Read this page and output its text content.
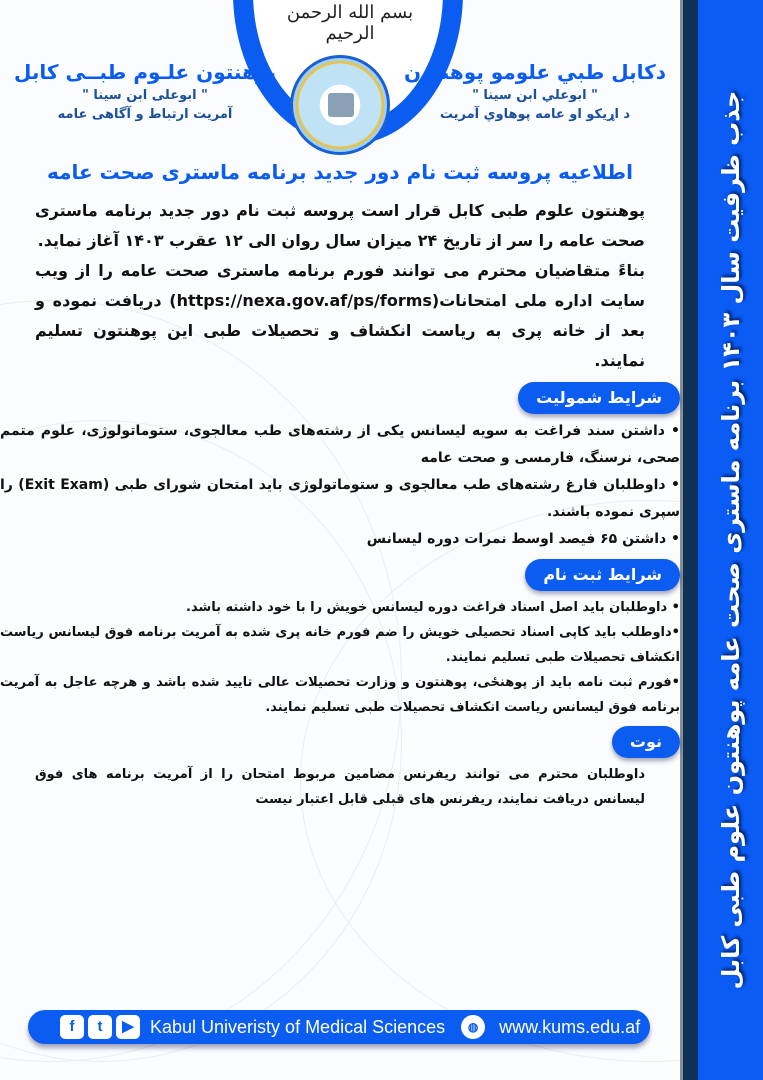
بسم الله الرحمن الرحیم
دکابل طبي علومو پوهنتون
" ابوعلي ابن سينا "
د اړیکو او عامه پوهاوي آمریت
پوهنتون علـوم طبــی کابل
" ابوعلی ابن سینا "
آمریت ارتباط و آگاهی عامه
اطلاعیه پروسه ثبت نام دور جدید برنامه ماستری صحت عامه
پوهنتون علوم طبی کابل قرار است پروسه ثبت نام دور جدید برنامه ماستری صحت عامه را سر از تاریخ ۲۴ میزان سال روان الی ۱۲ عقرب ۱۴۰۳ آغاز نماید.
بناءً متقاضیان محترم می توانند فورم برنامه ماستری صحت عامه را از ویب سایت اداره ملی امتحانات(https://nexa.gov.af/ps/forms) دریافت نموده و بعد از خانه پری به ریاست انکشاف و تحصیلات طبی این پوهنتون تسلیم نمایند.
شرایط شمولیت
• داشتن سند فراغت به سویه لیسانس یکی از رشته‌های طب معالجوی، ستوماتولوژی، علوم متمم صحی، نرسنگ، فارمسی و صحت عامه
• داوطلبان فارغ رشته‌های طب معالجوی و ستوماتولوژی باید امتحان شورای طبی (Exit Exam) را سپری نموده باشند.
• داشتن ۶۵ فیصد اوسط نمرات دوره لیسانس
شرایط ثبت نام
• داوطلبان باید اصل اسناد فراغت دوره لیسانس خویش را با خود داشته باشد.
•داوطلب باید کاپی اسناد تحصیلی خویش را ضم فورم خانه پری شده به آمریت برنامه فوق لیسانس ریاست انکشاف تحصیلات طبی تسلیم نمایند.
•فورم ثبت نامه باید از پوهنځی، پوهنتون و وزارت تحصیلات عالی تایید شده باشد و هرچه عاجل به آمریت برنامه فوق لیسانس ریاست انکشاف تحصیلات طبی تسلیم نمایند.
نوت
داوطلبان محترم می توانند ریفرنس مضامین مربوط امتحان را از آمریت برنامه های فوق لیسانس دریافت نمایند، ریفرنس های قبلی قابل اعتبار نیست
f	t	▶ Kabul Univeristy of Medical Sciences	◍	www.kums.edu.af
جذب ظرفیت سال ۱۴۰۳ برنامه ماستری صحت عامه پوهنتون علوم طبی کابل
